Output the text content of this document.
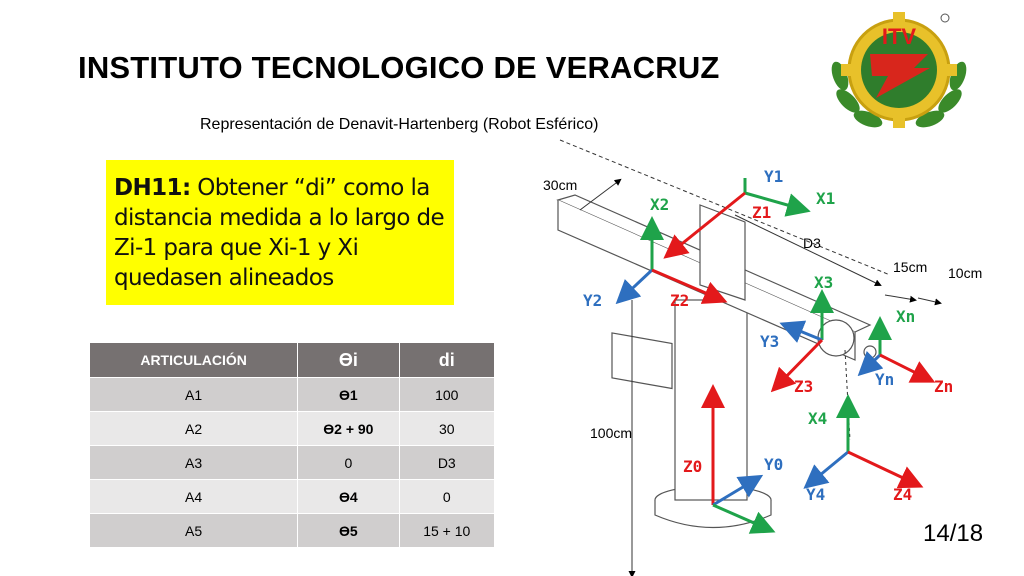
INSTITUTO TECNOLOGICO DE VERACRUZ
Representación de Denavit-Hartenberg (Robot Esférico)
ITV
DH11: Obtener “di” como la distancia medida a lo largo de Zi-1 para que Xi-1 y Xi quedasen alineados
ARTICULACIÓN	Өi	di
A1	Ө1	100
A2	Ө2 + 90	30
A3	0	D3
A4	Ө4	0
A5	Ө5	15 + 10
30cm
D3
15cm 10cm
100cm
Y1
X1
Z1
X2
Y2	Z2
X3
Y3
Z3
Xn
Yn Zn
X4
Y4	Z4
Z0	Y0
14/18
